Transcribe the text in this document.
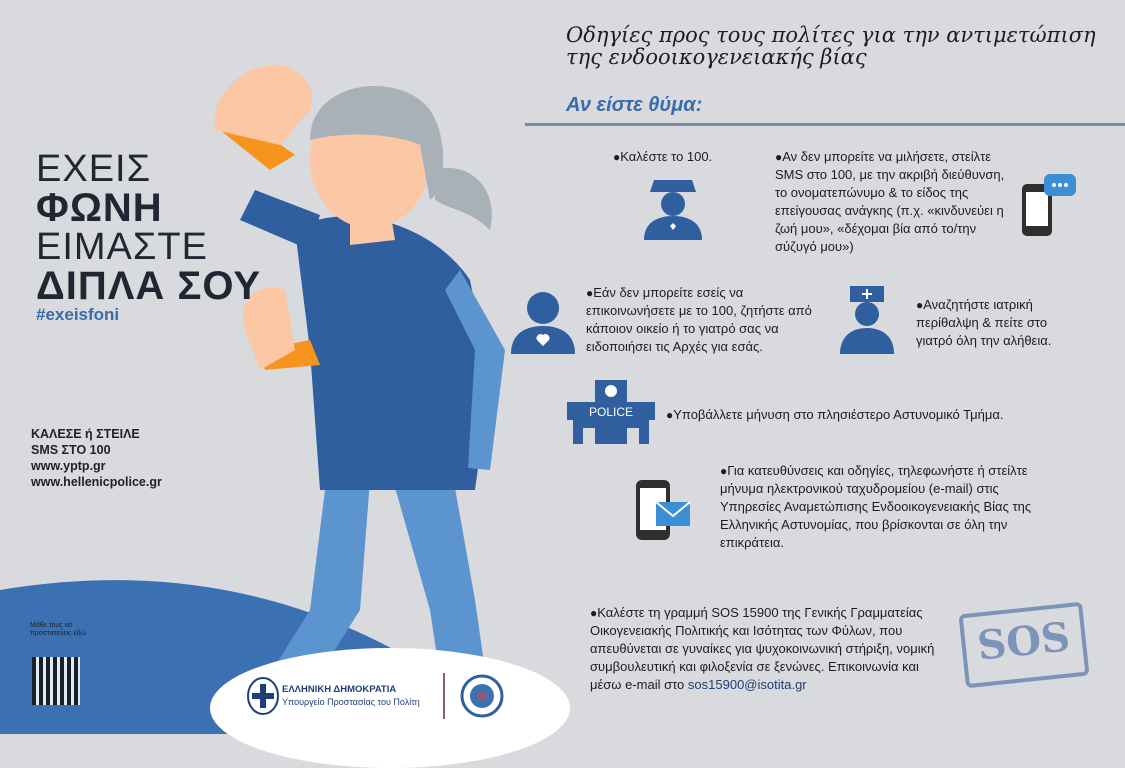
ΕΧΕΙΣ
ΦΩΝΗ
ΕΙΜΑΣΤΕ
ΔΙΠΛΑ ΣΟΥ
#exeisfoni
ΚΑΛΕΣΕ ή ΣΤΕΙΛΕ
SMS ΣΤΟ 100
www.yptp.gr
www.hellenicpolice.gr
Μάθε τους να προστατεύεις εδώ
ΕΛΛΗΝΙΚΗ ΔΗΜΟΚΡΑΤΙΑ
Υπουργείο Προστασίας του Πολίτη
Οδηγίες προς τους πολίτες για την αντιμετώπιση της ενδοοικογενειακής βίας
Αν είστε θύμα:
● Καλέστε το 100.	● Αν δεν μπορείτε να μιλήσετε, στείλτε SMS στο 100, με την ακριβή διεύθυνση, το ονοματεπώνυμο & το είδος της επείγουσας ανάγκης (π.χ. «κινδυνεύει η ζωή μου», «δέχομαι βία από το/την σύζυγό μου»)
● Εάν δεν μπορείτε εσείς να επικοινωνήσετε με το 100, ζητήστε από κάποιον οικείο ή το γιατρό σας να ειδοποιήσει τις Αρχές για εσάς.
● Αναζητήστε ιατρική περίθαλψη & πείτε στο γιατρό όλη την αλήθεια.
POLICE	● Υποβάλλετε μήνυση στο πλησιέστερο Αστυνομικό Τμήμα.
● Για κατευθύνσεις και οδηγίες, τηλεφωνήστε ή στείλτε μήνυμα ηλεκτρονικού ταχυδρομείου (e-mail) στις Υπηρεσίες Αναμετώπισης Ενδοοικογενειακής Βίας της Ελληνικής Αστυνομίας, που βρίσκονται σε όλη την επικράτεια.
● Καλέστε τη γραμμή SOS 15900 της Γενικής Γραμματείας Οικογενειακής Πολιτικής και Ισότητας των Φύλων, που απευθύνεται σε γυναίκες για ψυχοκοινωνική στήριξη, νομική συμβουλευτική και φιλοξενία σε ξενώνες. Επικοινωνία και μέσω e-mail στο sos15900@isotita.gr
SOS
